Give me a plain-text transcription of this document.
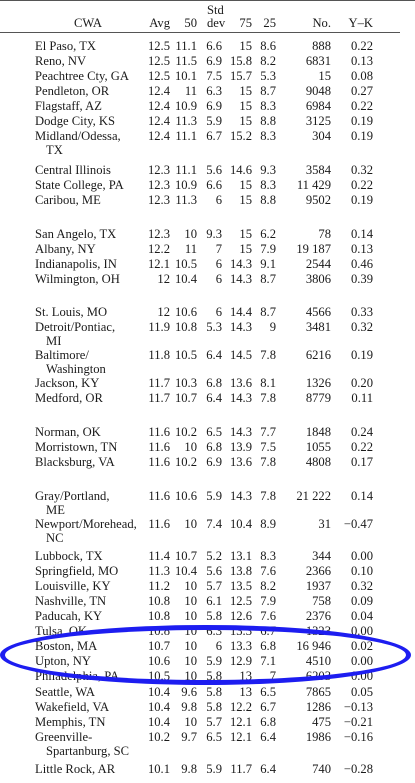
CWA	Avg 50
Std
dev 75 25	No. Y–K
El Paso, TX	12.5 11.1 6.6 15 8.6	888 0.22
Reno, NV	12.5 11.5 6.9 15.8 8.2 6831 0.13
Peachtree Cty, GA 12.5 10.1 7.5 15.7 5.3	15 0.08
Pendleton, OR	12.4 11 6.3 15 8.7 9048 0.27
Flagstaff, AZ	12.4 10.9 6.9 15 8.3 6984 0.22
Dodge City, KS	12.4 11.3 5.9 15 8.8 3125 0.19
Midland/Odessa,
TX
12.4 11.1 6.7 15.2 8.3	304 0.19
Central Illinois	12.3 11.1 5.6 14.6 9.3 3584 0.32
State College, PA 12.3 10.9 6.6 15 8.3 11 429 0.22
Caribou, ME	12.3 11.3 6 15 8.8 9502 0.19
San Angelo, TX	12.3 10 9.3 15 6.2	78 0.14
Albany, NY	12.2 11 7 15 7.9 19 187 0.13
Indianapolis, IN 12.1 10.5 6 14.3 9.1 2544 0.46
Wilmington, OH	12 10.4 6 14.3 8.7 3806 0.39
St. Louis, MO	12 10.6 6 14.4 8.7 4566 0.33
Detroit/Pontiac,
MI
11.9 10.8 5.3 14.3 9 3481 0.32
Baltimore/
Washington
11.8 10.5 6.4 14.5 7.8 6216 0.19
Jackson, KY	11.7 10.3 6.8 13.6 8.1 1326 0.20
Medford, OR	11.7 10.7 6.4 14.3 7.8 8779 0.11
Norman, OK	11.6 10.2 6.5 14.3 7.7 1848 0.24
Morristown, TN 11.6 10 6.8 13.9 7.5 1055 0.22
Blacksburg, VA	11.6 10.2 6.9 13.6 7.8 4808 0.17
Gray/Portland,
ME
11.6 10.6 5.9 14.3 7.8 21 222 0.14
Newport/Morehead,
NC
11.6 10 7.4 10.4 8.9	31 −0.47
Lubbock, TX	11.4 10.7 5.2 13.1 8.3	344 0.00
Springfield, MO 11.3 10.4 5.6 13.8 7.6 2366 0.10
Louisville, KY	11.2 10 5.7 13.5 8.2 1937 0.32
Nashville, TN	10.8 10 6.1 12.5 7.9	758 0.09
Paducah, KY	10.8 10 5.8 12.6 7.6 2376 0.04
Tulsa, OK	10.8 10 6.3 13.3 6.7 1323 0.00
Boston, MA	10.7 10 6 13.3 6.8 16 946 0.02
Upton, NY	10.6 10 5.9 12.9 7.1 4510 0.00
Philadelphia, PA 10.5 10 5.8 13 7 6203 0.00
Seattle, WA	10.4 9.6 5.8 13 6.5 7865 0.05
Wakefield, VA	10.4 9.8 5.8 12.2 6.7 1286 −0.13
Memphis, TN	10.4 10 5.7 12.1 6.8	475 −0.21
Greenville-
Spartanburg, SC
10.2 9.7 6.5 12.1 6.4 1986 −0.16
Little Rock, AR	10.1 9.8 5.9 11.7 6.4	740 −0.28
